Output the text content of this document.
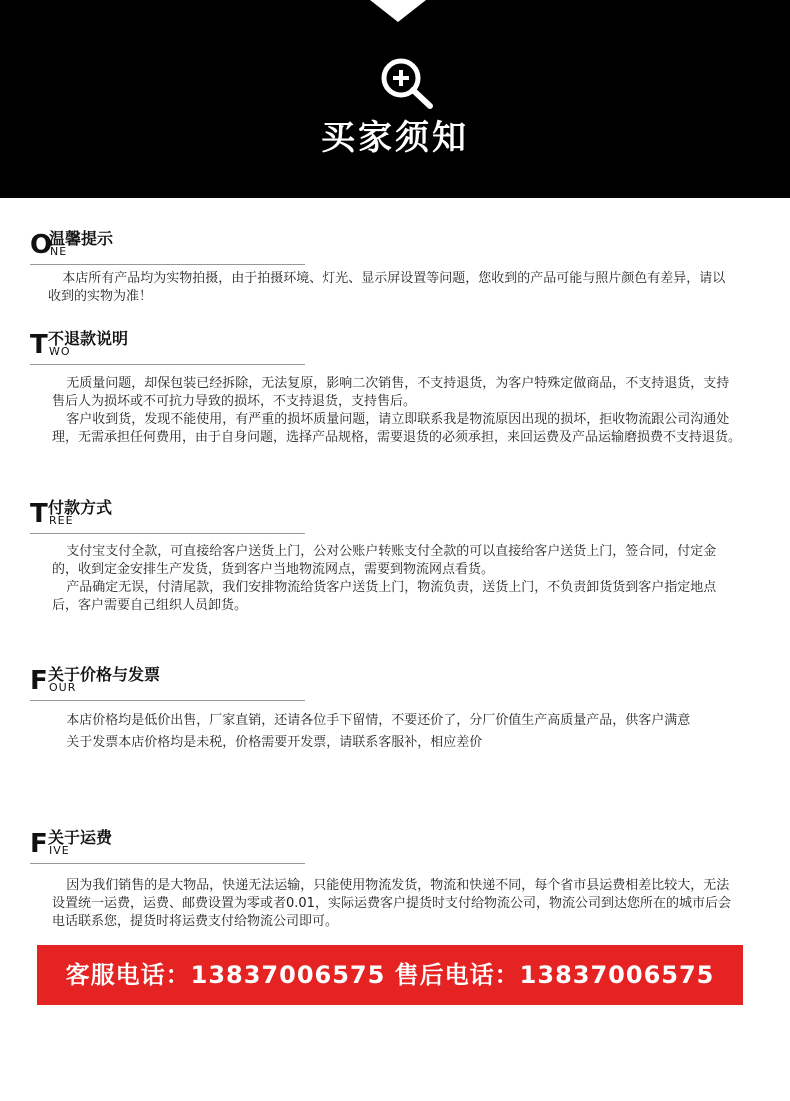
买家须知
O
温馨提示
NE

本店所有产品均为实物拍摄，由于拍摄环境、灯光、显示屏设置等问题，您收到的产品可能与照片颜色有差异，请以收到的实物为准！

T 不退款说明
WO

无质量问题，却保包装已经拆除，无法复原，影响二次销售，不支持退货，为客户特殊定做商品，不支持退货，支持售后人为损坏或不可抗力导致的损坏，不支持退货，支持售后。

客户收到货，发现不能使用，有严重的损坏质量问题，请立即联系我是物流原因出现的损坏，拒收物流跟公司沟通处理，无需承担任何费用，由于自身问题，选择产品规格，需要退货的必须承担，来回运费及产品运输磨损费不支持退货。

T 付款方式
REE

支付宝支付全款，可直接给客户送货上门，公对公账户转账支付全款的可以直接给客户送货上门，签合同，付定金的，收到定金安排生产发货，货到客户当地物流网点，需要到物流网点看货。

产品确定无误，付清尾款，我们安排物流给货客户送货上门，物流负责，送货上门，不负责卸货货到客户指定地点后，客户需要自己组织人员卸货。

F 关于价格与发票
OUR

本店价格均是低价出售，厂家直销，还请各位手下留情，不要还价了，分厂价值生产高质量产品，供客户满意

关于发票本店价格均是未税，价格需要开发票，请联系客服补，相应差价

F 关于运费
IVE

因为我们销售的是大物品，快递无法运输，只能使用物流发货，物流和快递不同，每个省市县运费相差比较大，无法设置统一运费，运费、邮费设置为零或者0.01，实际运费客户提货时支付给物流公司，物流公司到达您所在的城市后会电话联系您，提货时将运费支付给物流公司即可。

客服电话：13837006575 售后电话：13837006575
